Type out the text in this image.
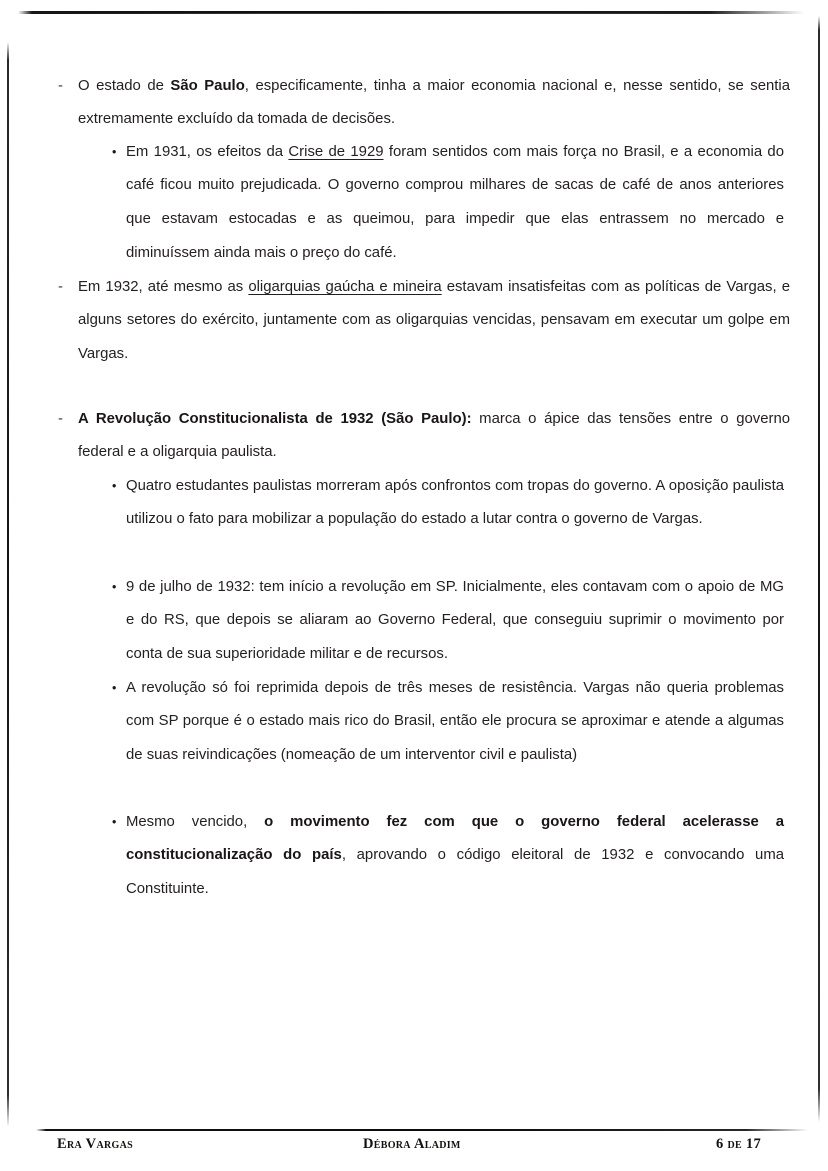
- O estado de São Paulo, especificamente, tinha a maior economia nacional e, nesse sentido, se sentia extremamente excluído da tomada de decisões.

• Em 1931, os efeitos da Crise de 1929 foram sentidos com mais força no Brasil, e a economia do café ficou muito prejudicada. O governo comprou milhares de sacas de café de anos anteriores que estavam estocadas e as queimou, para impedir que elas entrassem no mercado e diminuíssem ainda mais o preço do café.

- Em 1932, até mesmo as oligarquias gaúcha e mineira estavam insatisfeitas com as políticas de Vargas, e alguns setores do exército, juntamente com as oligarquias vencidas, pensavam em executar um golpe em Vargas.

- A Revolução Constitucionalista de 1932 (São Paulo): marca o ápice das tensões entre o governo federal e a oligarquia paulista.

• Quatro estudantes paulistas morreram após confrontos com tropas do governo. A oposição paulista utilizou o fato para mobilizar a população do estado a lutar contra o governo de Vargas.

• 9 de julho de 1932: tem início a revolução em SP. Inicialmente, eles contavam com o apoio de MG e do RS, que depois se aliaram ao Governo Federal, que conseguiu suprimir o movimento por conta de sua superioridade militar e de recursos.

• A revolução só foi reprimida depois de três meses de resistência. Vargas não queria problemas com SP porque é o estado mais rico do Brasil, então ele procura se aproximar e atende a algumas de suas reivindicações (nomeação de um interventor civil e paulista)

• Mesmo vencido, o movimento fez com que o governo federal acelerasse a constitucionalização do país, aprovando o código eleitoral de 1932 e convocando uma Constituinte.

Era Vargas	Débora Aladim	6 de 17
